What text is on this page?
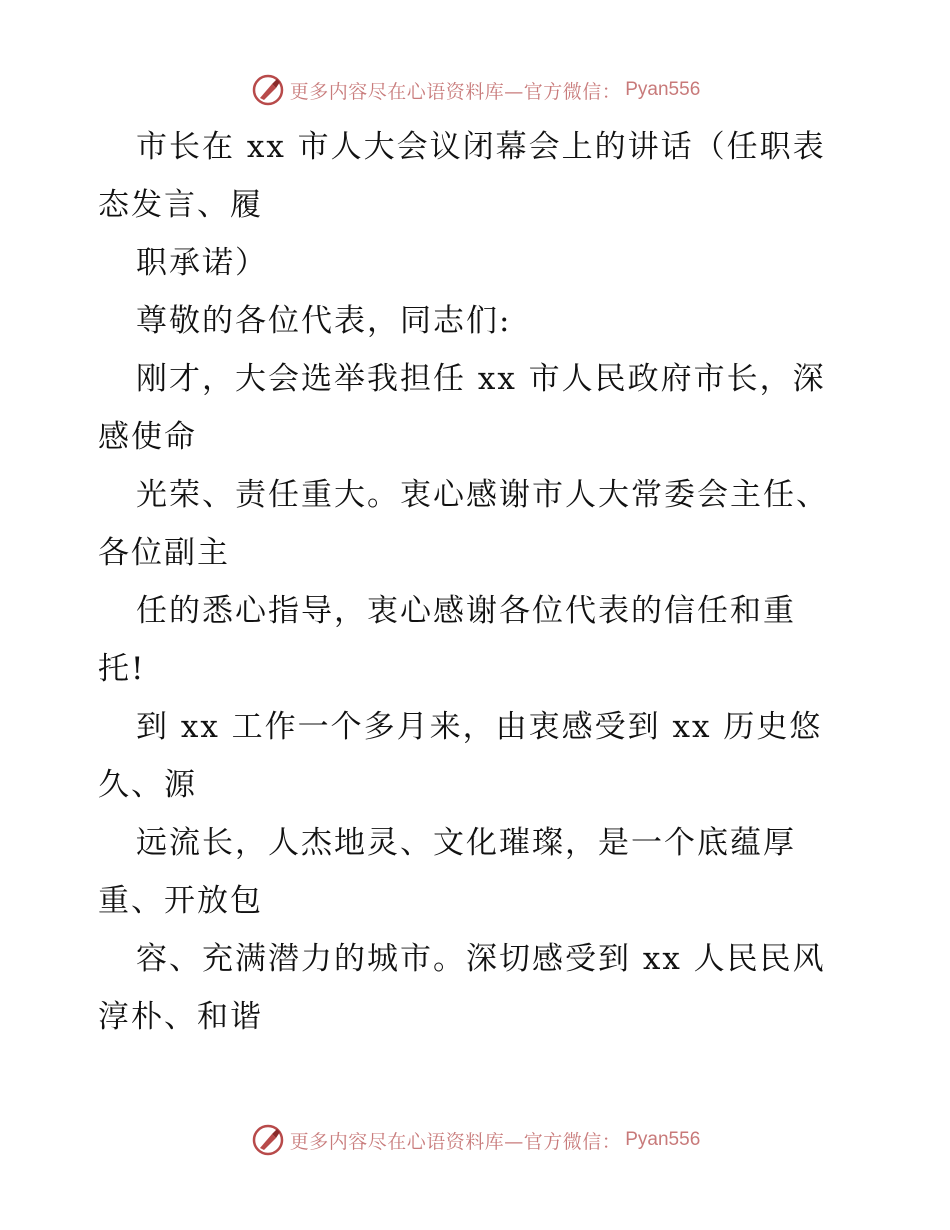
更多内容尽在心语资料库—官方微信： Pyan556
市长在 xx 市人大会议闭幕会上的讲话（任职表
态发言、履
职承诺）
尊敬的各位代表，同志们:
刚才，大会选举我担任 xx 市人民政府市长，深
感使命
光荣、责任重大。衷心感谢市人大常委会主任、
各位副主
任的悉心指导，衷心感谢各位代表的信任和重
托!
到 xx 工作一个多月来，由衷感受到 xx 历史悠
久、源
远流长，人杰地灵、文化璀璨，是一个底蕴厚
重、开放包
容、充满潜力的城市。深切感受到 xx 人民民风
淳朴、和谐
更多内容尽在心语资料库—官方微信： Pyan556
